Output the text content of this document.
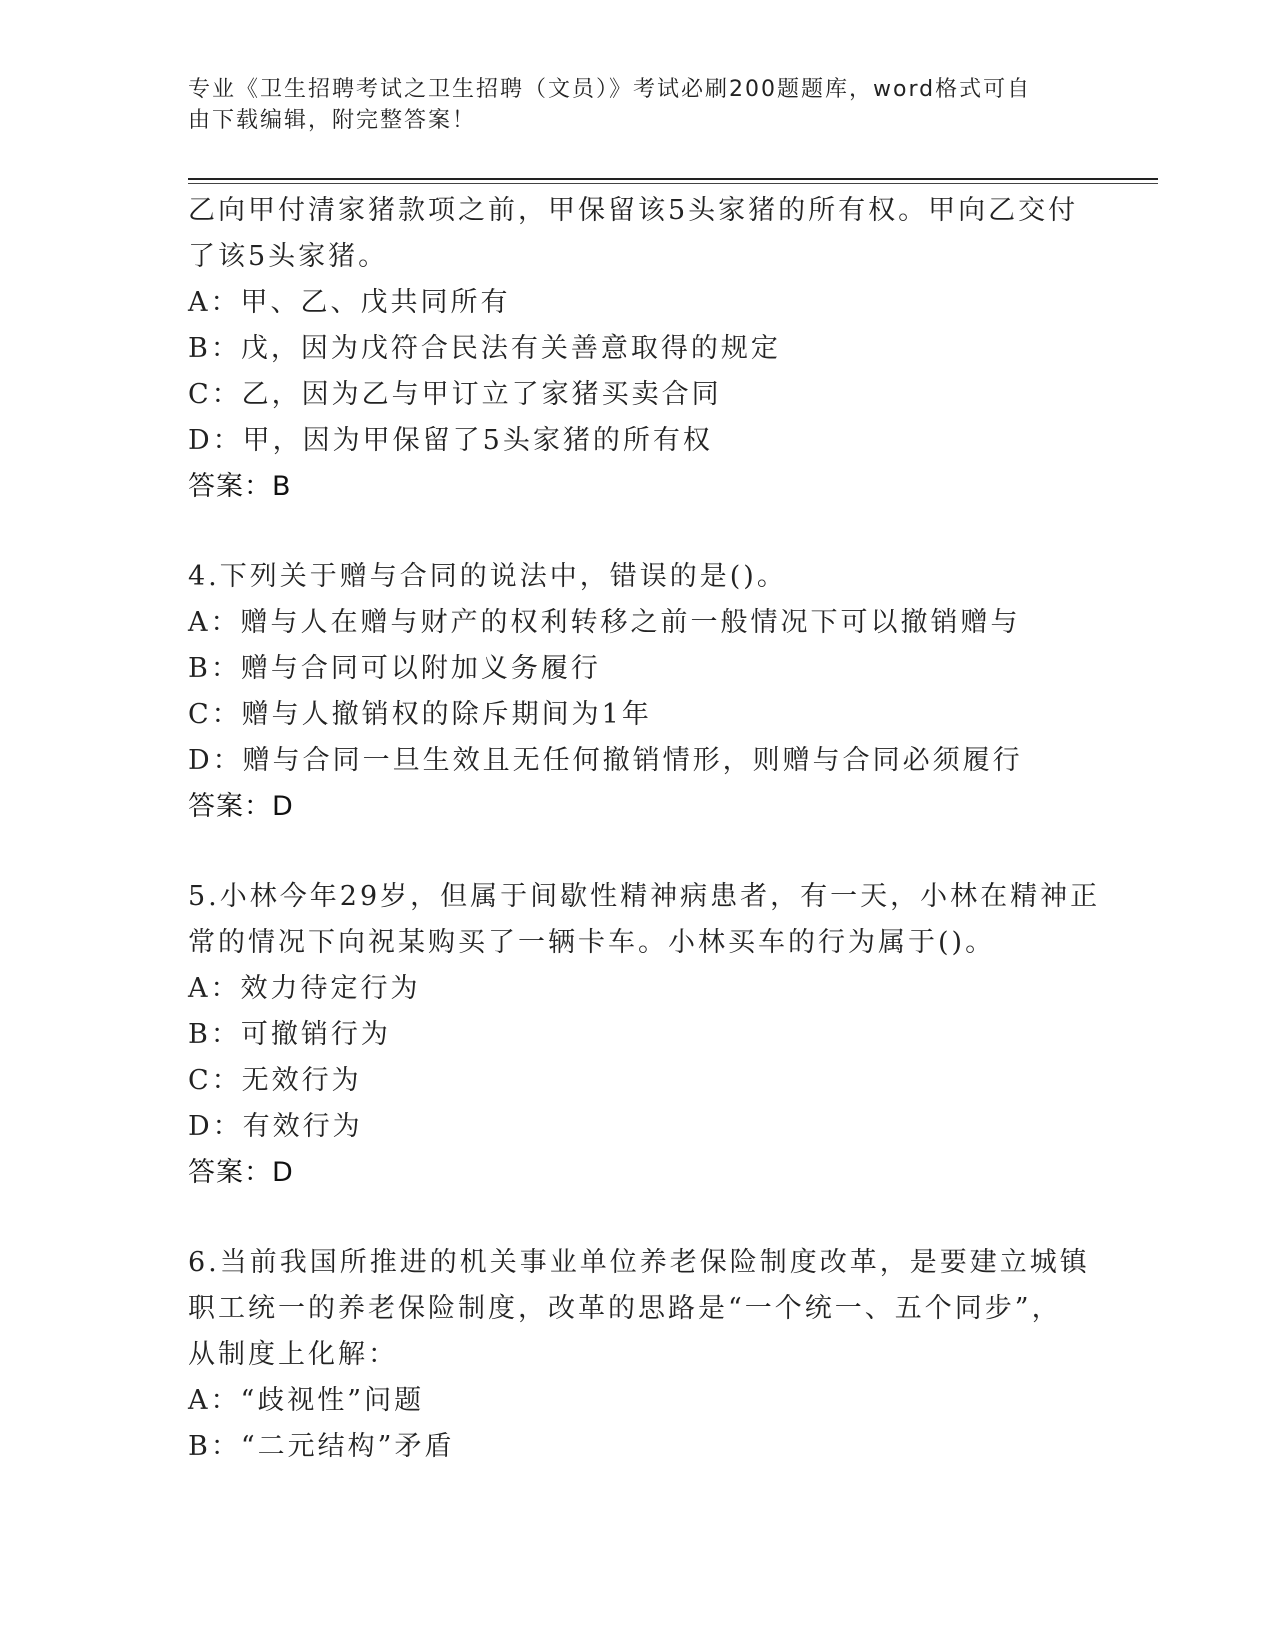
专业《卫生招聘考试之卫生招聘（文员）》考试必刷200题题库，word格式可自
由下载编辑，附完整答案！
乙向甲付清家猪款项之前，甲保留该5头家猪的所有权。甲向乙交付
了该5头家猪。
A：甲、乙、戊共同所有
B：戊，因为戊符合民法有关善意取得的规定
C：乙，因为乙与甲订立了家猪买卖合同
D：甲，因为甲保留了5头家猪的所有权
答案：B
4.下列关于赠与合同的说法中，错误的是()。
A：赠与人在赠与财产的权利转移之前一般情况下可以撤销赠与
B：赠与合同可以附加义务履行
C：赠与人撤销权的除斥期间为1年
D：赠与合同一旦生效且无任何撤销情形，则赠与合同必须履行
答案：D
5.小林今年29岁，但属于间歇性精神病患者，有一天，小林在精神正
常的情况下向祝某购买了一辆卡车。小林买车的行为属于()。
A：效力待定行为
B：可撤销行为
C：无效行为
D：有效行为
答案：D
6.当前我国所推进的机关事业单位养老保险制度改革，是要建立城镇
职工统一的养老保险制度，改革的思路是“一个统一、五个同步”，
从制度上化解：
A：“歧视性”问题
B：“二元结构”矛盾
